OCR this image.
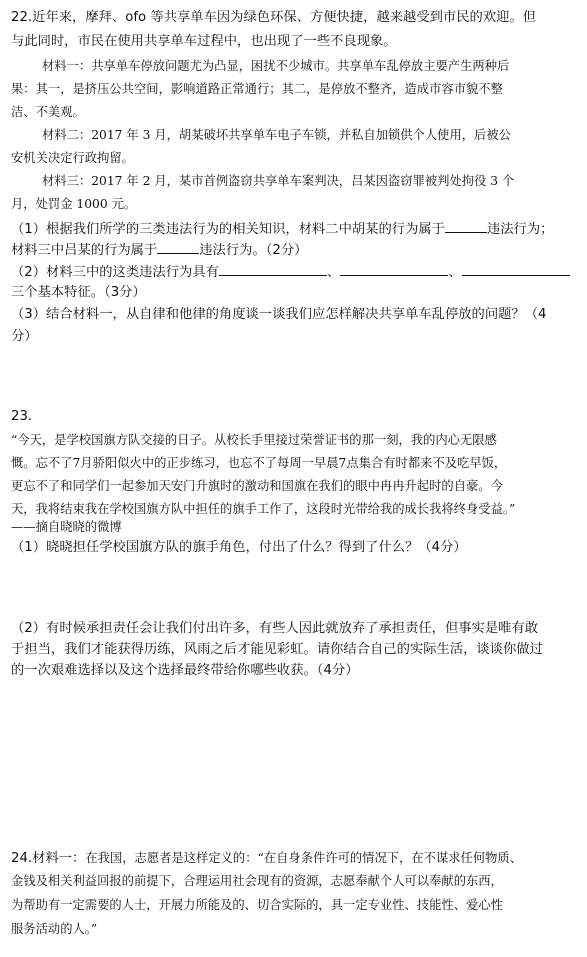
22.近年来，摩拜、ofo 等共享单车因为绿色环保、方便快捷，越来越受到市民的欢迎。但
与此同时，市民在使用共享单车过程中，也出现了一些不良现象。
材料一：共享单车停放问题尤为凸显，困扰不少城市。共享单车乱停放主要产生两种后
果：其一，是挤压公共空间，影响道路正常通行；其二，是停放不整齐，造成市容市貌不整
洁、不美观。
材料二：2017 年 3 月，胡某破坏共享单车电子车锁，并私自加锁供个人使用，后被公
安机关决定行政拘留。
材料三：2017 年 2 月，某市首例盗窃共享单车案判决，吕某因盗窃罪被判处拘役 3 个
月，处罚金 1000 元。
（1）根据我们所学的三类违法行为的相关知识，材料二中胡某的行为属于	违法行为；
材料三中吕某的行为属于	违法行为。（2分）
（2）材料三中的这类违法行为具有	、	、
三个基本特征。（3分）
（3）结合材料一，从自律和他律的角度谈一谈我们应怎样解决共享单车乱停放的问题？（4
分）
23.
“今天，是学校国旗方队交接的日子。从校长手里接过荣誉证书的那一刻，我的内心无限感
慨。忘不了7月骄阳似火中的正步练习，也忘不了每周一早晨7点集合有时都来不及吃早饭，
更忘不了和同学们一起参加天安门升旗时的激动和国旗在我们的眼中冉冉升起时的自豪。今
天，我将结束我在学校国旗方队中担任的旗手工作了，这段时光带给我的成长我将终身受益。”
——摘自晓晓的微博
（1）晓晓担任学校国旗方队的旗手角色，付出了什么？得到了什么？（4分）
（2）有时候承担责任会让我们付出许多，有些人因此就放弃了承担责任，但事实是唯有敢
于担当，我们才能获得历练，风雨之后才能见彩虹。请你结合自己的实际生活，谈谈你做过
的一次艰难选择以及这个选择最终带给你哪些收获。（4分）
24.材料一：在我国，志愿者是这样定义的：“在自身条件许可的情况下，在不谋求任何物质、
金钱及相关利益回报的前提下，合理运用社会现有的资源，志愿奉献个人可以奉献的东西，
为帮助有一定需要的人士，开展力所能及的、切合实际的，具一定专业性、技能性、爱心性
服务活动的人。”
